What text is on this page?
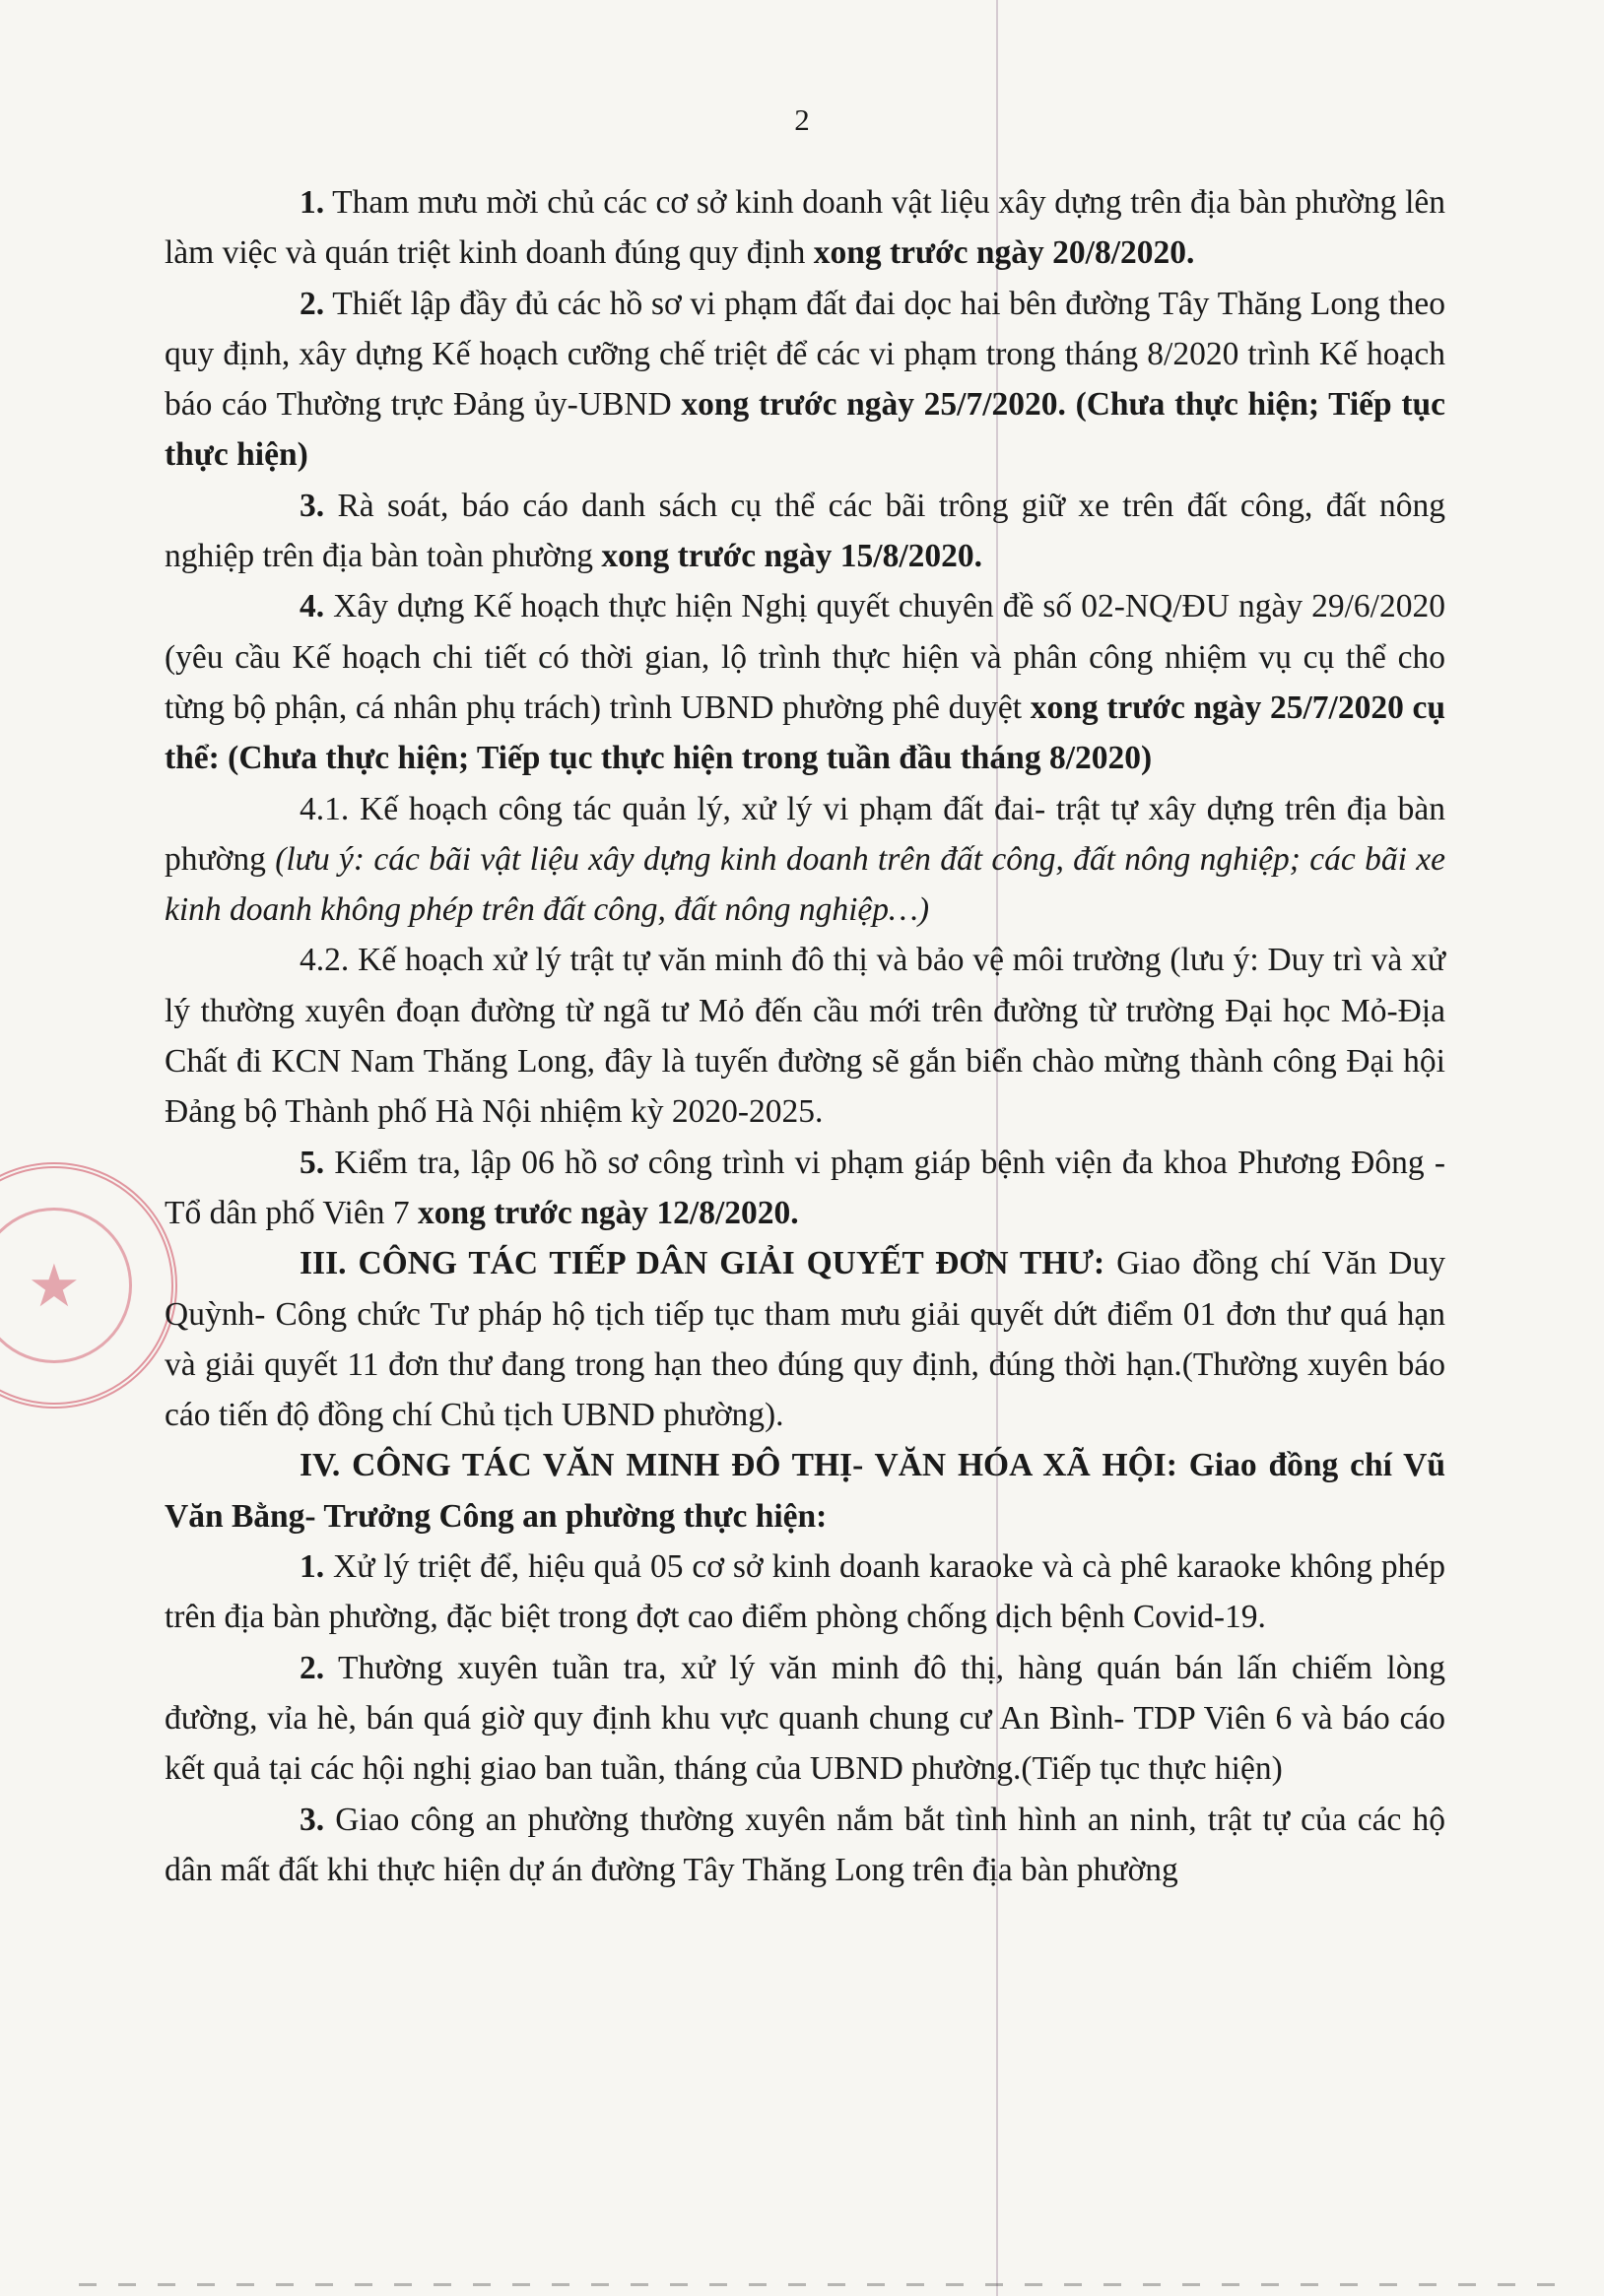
★
2

1. Tham mưu mời chủ các cơ sở kinh doanh vật liệu xây dựng trên địa bàn phường lên làm việc và quán triệt kinh doanh đúng quy định xong trước ngày 20/8/2020.

2. Thiết lập đầy đủ các hồ sơ vi phạm đất đai dọc hai bên đường Tây Thăng Long theo quy định, xây dựng Kế hoạch cưỡng chế triệt để các vi phạm trong tháng 8/2020 trình Kế hoạch báo cáo Thường trực Đảng ủy-UBND xong trước ngày 25/7/2020. (Chưa thực hiện; Tiếp tục thực hiện)

3. Rà soát, báo cáo danh sách cụ thể các bãi trông giữ xe trên đất công, đất nông nghiệp trên địa bàn toàn phường xong trước ngày 15/8/2020.

4. Xây dựng Kế hoạch thực hiện Nghị quyết chuyên đề số 02-NQ/ĐU ngày 29/6/2020 (yêu cầu Kế hoạch chi tiết có thời gian, lộ trình thực hiện và phân công nhiệm vụ cụ thể cho từng bộ phận, cá nhân phụ trách) trình UBND phường phê duyệt xong trước ngày 25/7/2020 cụ thể: (Chưa thực hiện; Tiếp tục thực hiện trong tuần đầu tháng 8/2020)

4.1. Kế hoạch công tác quản lý, xử lý vi phạm đất đai- trật tự xây dựng trên địa bàn phường (lưu ý: các bãi vật liệu xây dựng kinh doanh trên đất công, đất nông nghiệp; các bãi xe kinh doanh không phép trên đất công, đất nông nghiệp…)

4.2. Kế hoạch xử lý trật tự văn minh đô thị và bảo vệ môi trường (lưu ý: Duy trì và xử lý thường xuyên đoạn đường từ ngã tư Mỏ đến cầu mới trên đường từ trường Đại học Mỏ-Địa Chất đi KCN Nam Thăng Long, đây là tuyến đường sẽ gắn biển chào mừng thành công Đại hội Đảng bộ Thành phố Hà Nội nhiệm kỳ 2020-2025.

5. Kiểm tra, lập 06 hồ sơ công trình vi phạm giáp bệnh viện đa khoa Phương Đông - Tổ dân phố Viên 7 xong trước ngày 12/8/2020.

III. CÔNG TÁC TIẾP DÂN GIẢI QUYẾT ĐƠN THƯ: Giao đồng chí Văn Duy Quỳnh- Công chức Tư pháp hộ tịch tiếp tục tham mưu giải quyết dứt điểm 01 đơn thư quá hạn và giải quyết 11 đơn thư đang trong hạn theo đúng quy định, đúng thời hạn.(Thường xuyên báo cáo tiến độ đồng chí Chủ tịch UBND phường).

IV. CÔNG TÁC VĂN MINH ĐÔ THỊ- VĂN HÓA XÃ HỘI: Giao đồng chí Vũ Văn Bằng- Trưởng Công an phường thực hiện:

1. Xử lý triệt để, hiệu quả 05 cơ sở kinh doanh karaoke và cà phê karaoke không phép trên địa bàn phường, đặc biệt trong đợt cao điểm phòng chống dịch bệnh Covid-19.

2. Thường xuyên tuần tra, xử lý văn minh đô thị, hàng quán bán lấn chiếm lòng đường, vỉa hè, bán quá giờ quy định khu vực quanh chung cư An Bình- TDP Viên 6 và báo cáo kết quả tại các hội nghị giao ban tuần, tháng của UBND phường.(Tiếp tục thực hiện)

3. Giao công an phường thường xuyên nắm bắt tình hình an ninh, trật tự của các hộ dân mất đất khi thực hiện dự án đường Tây Thăng Long trên địa bàn phường
